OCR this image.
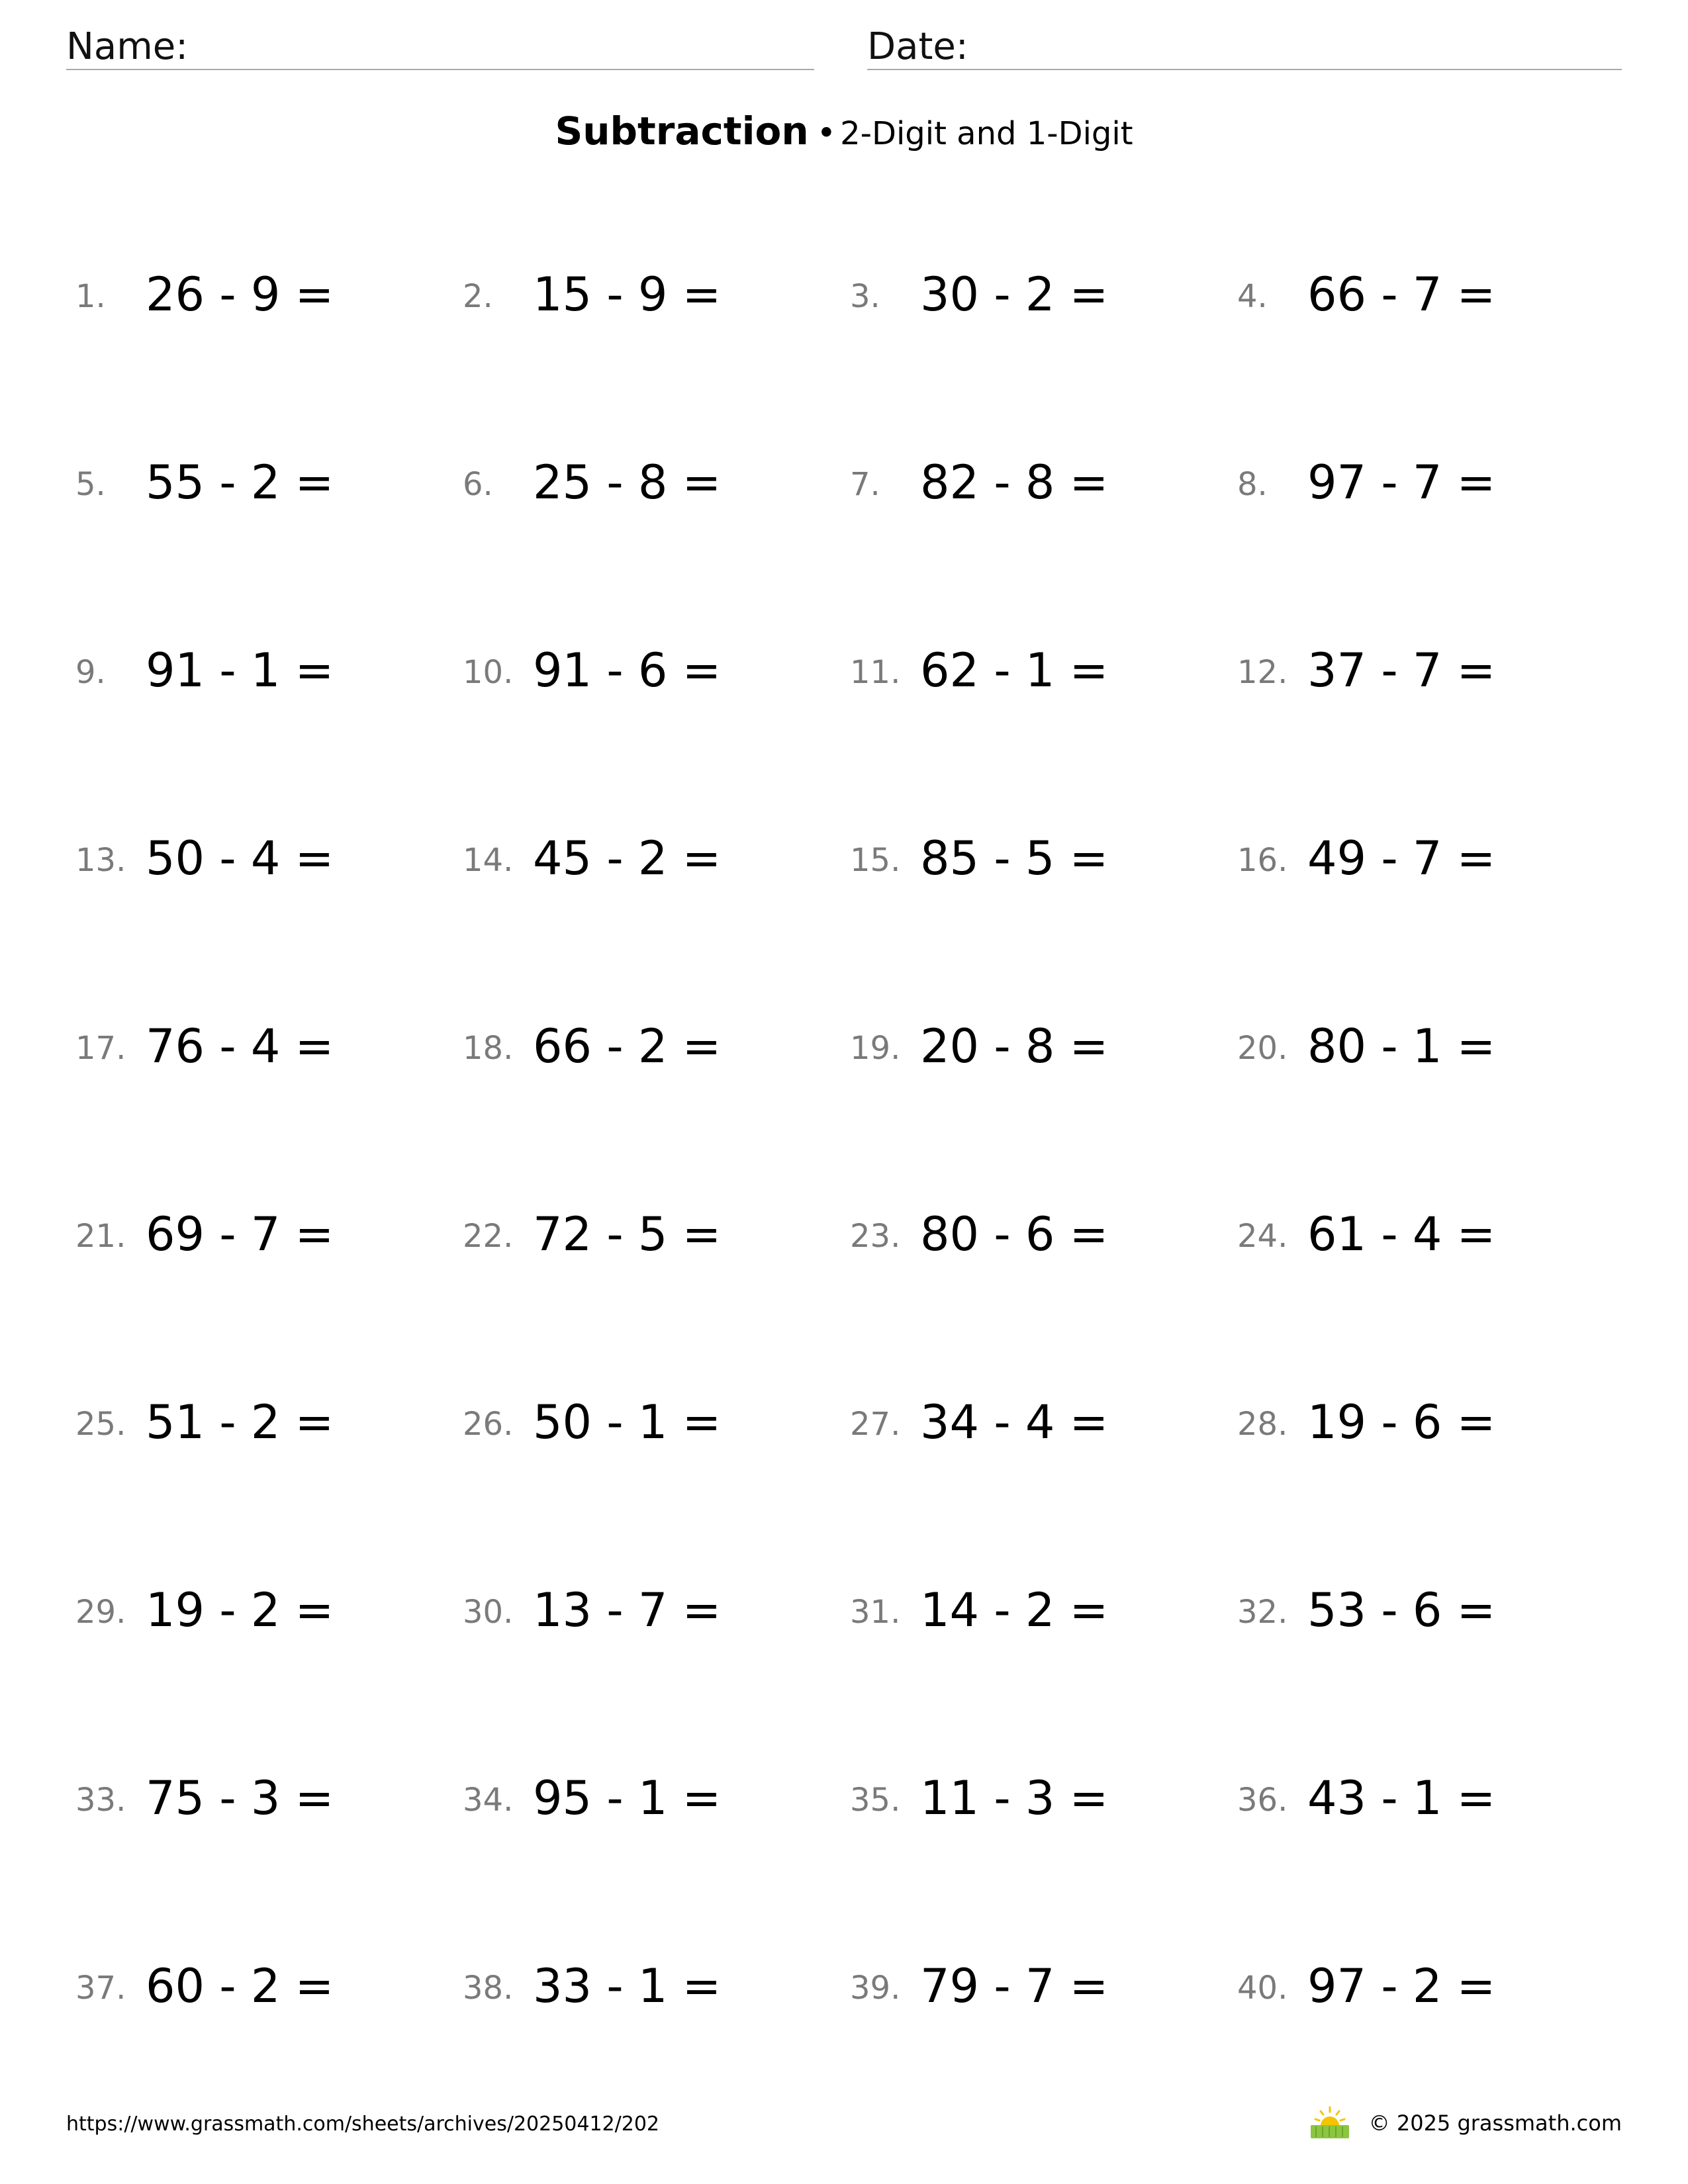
Name:	Date:
Subtraction • 2-Digit and 1-Digit
1. 26 - 9 =	2. 15 - 9 =	3. 30 - 2 =	4. 66 - 7 =
5. 55 - 2 =	6. 25 - 8 =	7. 82 - 8 =	8. 97 - 7 =
9. 91 - 1 =	10. 91 - 6 =	11. 62 - 1 =	12. 37 - 7 =
13. 50 - 4 =	14. 45 - 2 =	15. 85 - 5 =	16. 49 - 7 =
17. 76 - 4 =	18. 66 - 2 =	19. 20 - 8 =	20. 80 - 1 =
21. 69 - 7 =	22. 72 - 5 =	23. 80 - 6 =	24. 61 - 4 =
25. 51 - 2 =	26. 50 - 1 =	27. 34 - 4 =	28. 19 - 6 =
29. 19 - 2 =	30. 13 - 7 =	31. 14 - 2 =	32. 53 - 6 =
33. 75 - 3 =	34. 95 - 1 =	35. 11 - 3 =	36. 43 - 1 =
37. 60 - 2 =	38. 33 - 1 =	39. 79 - 7 =	40. 97 - 2 =
https://www.grassmath.com/sheets/archives/20250412/202	© 2025 grassmath.com
